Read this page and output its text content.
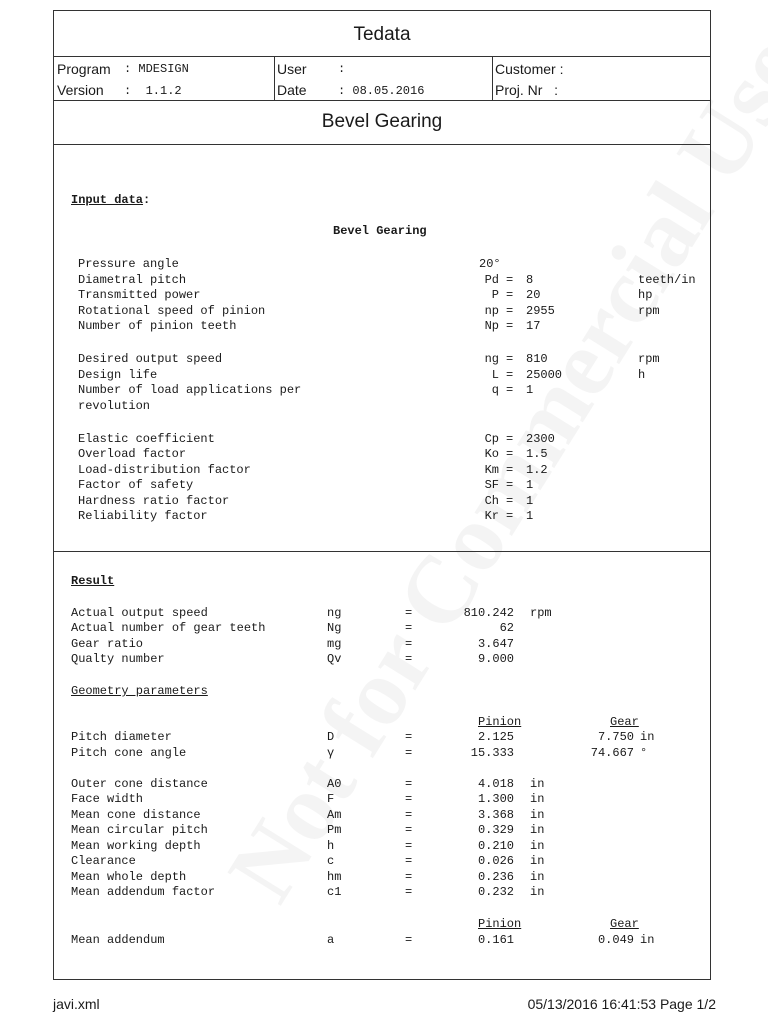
Tedata
Program : MDESIGN
Version :  1.1.2
User	:
Date	: 08.05.2016
Customer :
Proj. Nr   :
Bevel Gearing
Input data:
Bevel Gearing
Pressure angle	20°
Diametral pitch	Pd = 8	teeth/in
Transmitted power	P = 20	hp
Rotational speed of pinion	np = 2955	rpm
Number of pinion teeth	Np = 17
Desired output speed	ng = 810	rpm
Design life	L = 25000	h
Number of load applications per	q = 1
revolution
Elastic coefficient	Cp = 2300
Overload factor	Ko = 1.5
Load-distribution factor	Km = 1.2
Factor of safety	SF = 1
Hardness ratio factor	Ch = 1
Reliability factor	Kr = 1
Result
Actual output speed	ng	=	810.242 rpm
Actual number of gear teeth	Ng	=	62
Gear ratio	mg	=	3.647
Qualty number	Qv	=	9.000
Geometry parameters
Pinion	Gear
Pitch diameter	D	=	2.125	7.750 in
Pitch cone angle	γ	=	15.333	74.667 °
Outer cone distance	A0	=	4.018 in
Face width	F	=	1.300 in
Mean cone distance	Am	=	3.368 in
Mean circular pitch	Pm	=	0.329 in
Mean working depth	h	=	0.210 in
Clearance	c	=	0.026 in
Mean whole depth	hm	=	0.236 in
Mean addendum factor	c1	=	0.232 in
Pinion	Gear
Mean addendum	a	=	0.161	0.049 in
javi.xml	05/13/2016 16:41:53 Page 1/2
